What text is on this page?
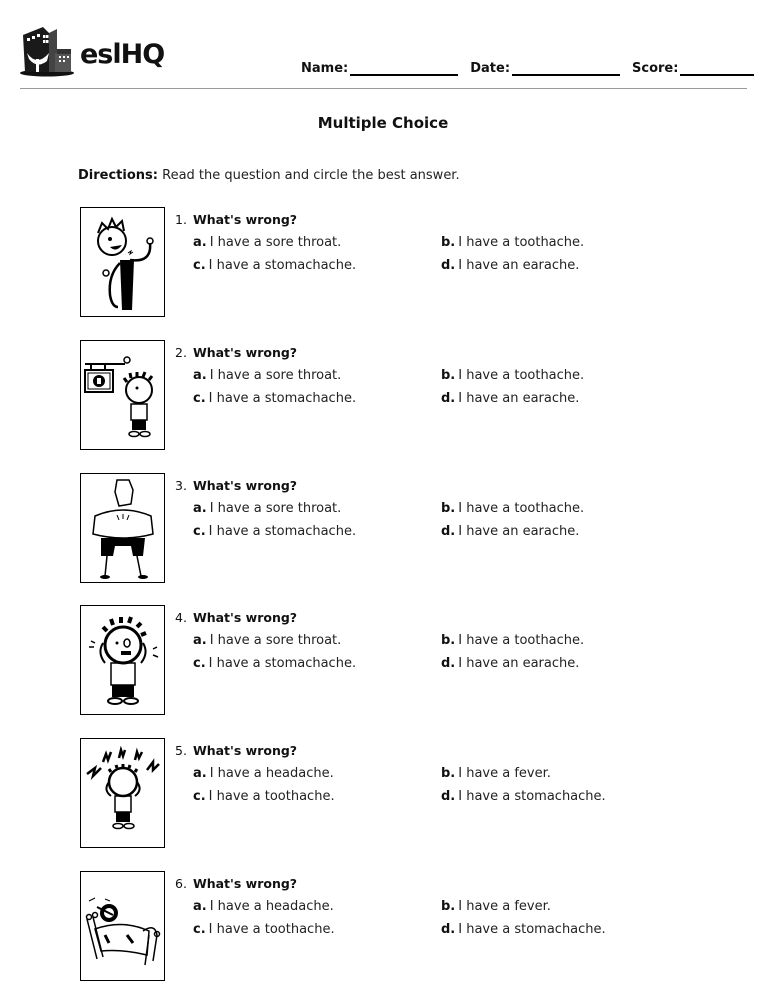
eslHQ	Name:	Date:	Score:
Multiple Choice
Directions: Read the question and circle the best answer.
1. What's wrong?
a. I have a sore throat.	b. I have a toothache.
c. I have a stomachache.	d. I have an earache.
2. What's wrong?
a. I have a sore throat.	b. I have a toothache.
c. I have a stomachache.	d. I have an earache.
3. What's wrong?
a. I have a sore throat.	b. I have a toothache.
c. I have a stomachache.	d. I have an earache.
4. What's wrong?
a. I have a sore throat.	b. I have a toothache.
c. I have a stomachache.	d. I have an earache.
5. What's wrong?
a. I have a headache.	b. I have a fever.
c. I have a toothache.	d. I have a stomachache.
6. What's wrong?
a. I have a headache.	b. I have a fever.
c. I have a toothache.	d. I have a stomachache.
